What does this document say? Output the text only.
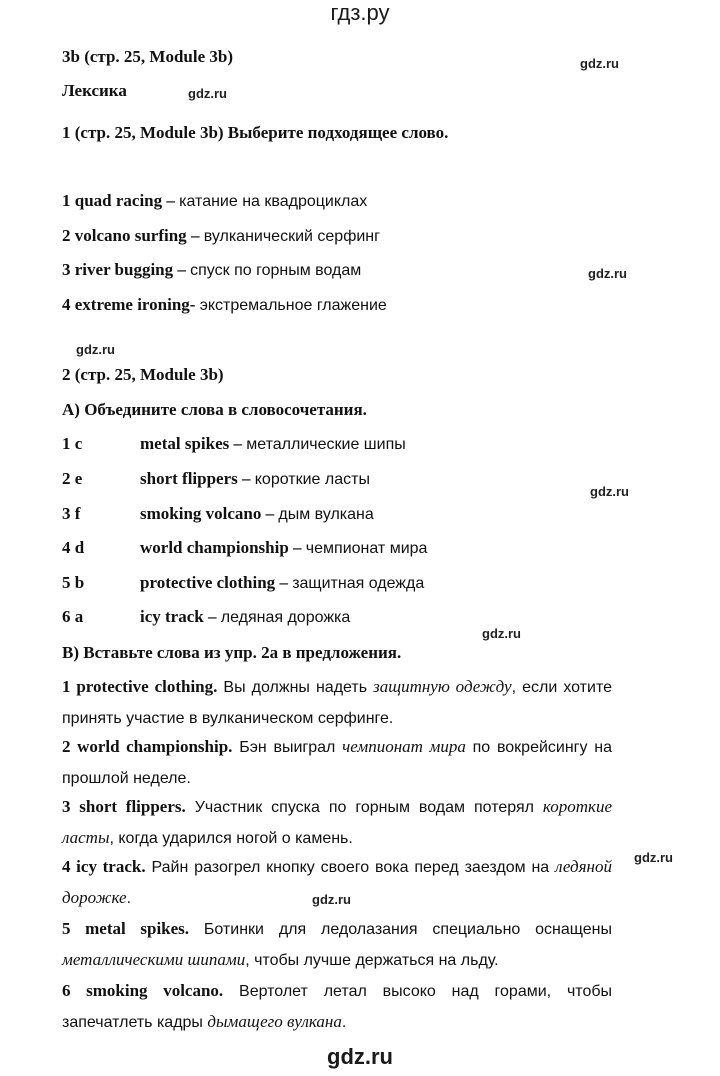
гдз.ру
gdz.ru
gdz.ru
gdz.ru
gdz.ru
gdz.ru
gdz.ru
gdz.ru
gdz.ru
3b (стр. 25, Module 3b)
Лексика
1 (стр. 25, Module 3b) Выберите подходящее слово.
1 quad racing – катание на квадроциклах
2 volcano surfing – вулканический серфинг
3 river bugging – спуск по горным водам
4 extreme ironing- экстремальное глажение
2 (стр. 25, Module 3b)
A) Объедините слова в словосочетания.
1 c	metal spikes – металлические шипы
2 e	short flippers – короткие ласты
3 f	smoking volcano – дым вулкана
4 d	world championship – чемпионат мира
5 b	protective clothing – защитная одежда
6 a	icy track – ледяная дорожка
B) Вставьте слова из упр. 2a в предложения.
1 protective clothing. Вы должны надеть защитную одежду, если хотите принять участие в вулканическом серфинге.
2 world championship. Бэн выиграл чемпионат мира по вокрейсингу на прошлой неделе.
3 short flippers. Участник спуска по горным водам потерял короткие ласты, когда ударился ногой о камень.
4 icy track. Райн разогрел кнопку своего вока перед заездом на ледяной дорожке.
5 metal spikes. Ботинки для ледолазания специально оснащены металлическими шипами, чтобы лучше держаться на льду.
6 smoking volcano. Вертолет летал высоко над горами, чтобы запечатлеть кадры дымащего вулкана.
gdz.ru
